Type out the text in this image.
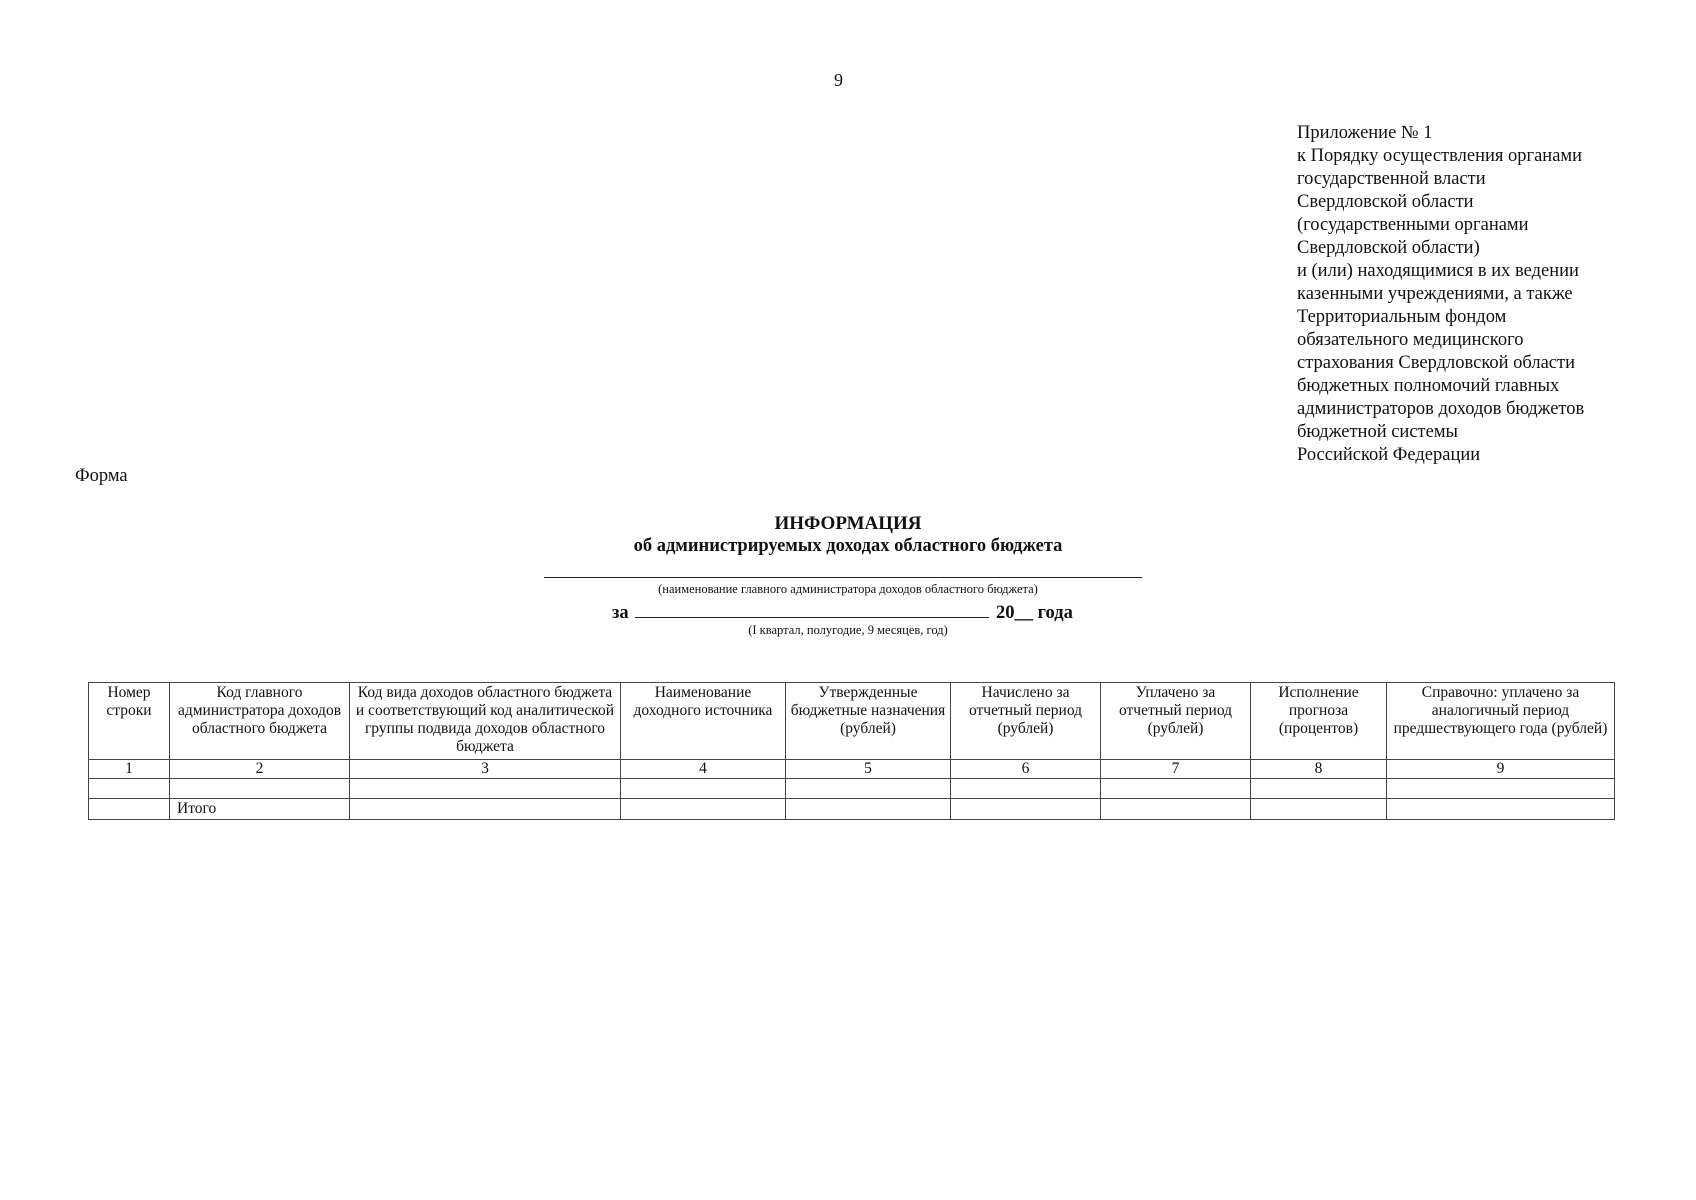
9
Приложение № 1
к Порядку осуществления органами
государственной власти
Свердловской области
(государственными органами
Свердловской области)
и (или) находящимися в их ведении
казенными учреждениями, а также
Территориальным фондом
обязательного медицинского
страхования Свердловской области
бюджетных полномочий главных
администраторов доходов бюджетов
бюджетной системы
Российской Федерации
Форма
ИНФОРМАЦИЯ
об администрируемых доходах областного бюджета
(наименование главного администратора доходов областного бюджета)
за	20__ года
(I квартал, полугодие, 9 месяцев, год)
Номер строки	Код главного администратора доходов областного бюджета	Код вида доходов областного бюджета и соответствующий код аналитической группы подвида доходов областного бюджета	Наименование доходного источника	Утвержденные бюджетные назначения (рублей)	Начислено за отчетный период (рублей)	Уплачено за отчетный период (рублей)	Исполнение прогноза (процентов)	Справочно: уплачено за аналогичный период предшествующего года (рублей)
1	2	3	4	5	6	7	8	9

	Итого							
